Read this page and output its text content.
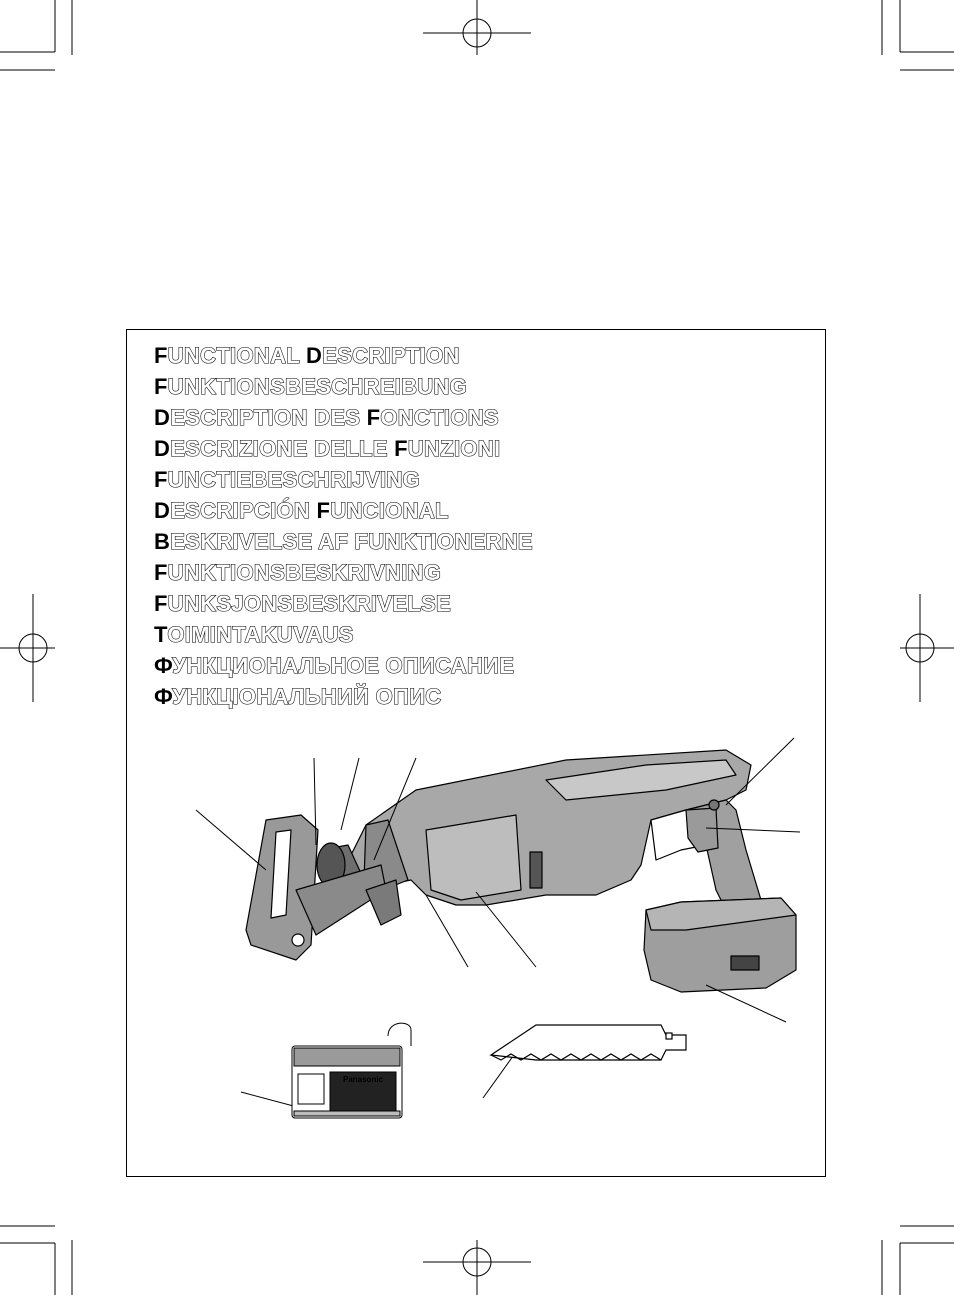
FUNCTIONAL DESCRIPTION
FUNKTIONSBESCHREIBUNG
DESCRIPTION DES FONCTIONS
DESCRIZIONE DELLE FUNZIONI
FUNCTIEBESCHRIJVING
DESCRIPCIÓN FUNCIONAL
BESKRIVELSE AF FUNKTIONERNE
FUNKTIONSBESKRIVNING
FUNKSJONSBESKRIVELSE
TOIMINTAKUVAUS
ФУНКЦИОНАЛЬНОЕ ОПИСАНИЕ
ФУНКЦIОНАЛЬНИЙ ОПИС
Panasonic
